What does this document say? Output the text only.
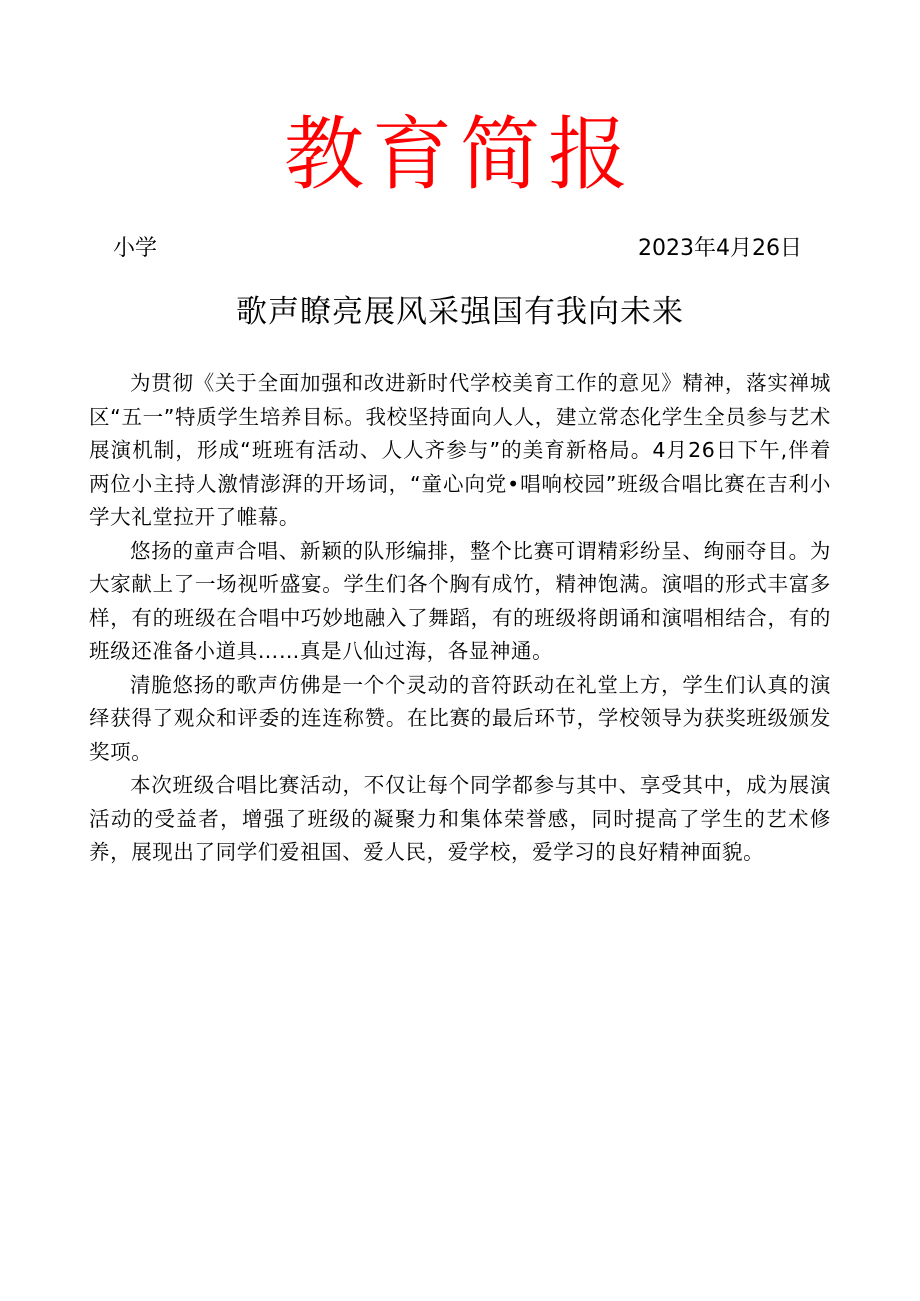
教育简报
小学	2023年4月26日
歌声瞭亮展风采强国有我向未来

为贯彻《关于全面加强和改进新时代学校美育工作的意见》精神，落实禅城区“五一”特质学生培养目标。我校坚持面向人人，建立常态化学生全员参与艺术展演机制，形成“班班有活动、人人齐参与”的美育新格局。4月26日下午,伴着两位小主持人激情澎湃的开场词，“童心向党•唱响校园”班级合唱比赛在吉利小学大礼堂拉开了帷幕。

悠扬的童声合唱、新颖的队形编排，整个比赛可谓精彩纷呈、绚丽夺目。为大家献上了一场视听盛宴。学生们各个胸有成竹，精神饱满。演唱的形式丰富多样，有的班级在合唱中巧妙地融入了舞蹈，有的班级将朗诵和演唱相结合，有的班级还准备小道具……真是八仙过海，各显神通。

清脆悠扬的歌声仿佛是一个个灵动的音符跃动在礼堂上方，学生们认真的演绎获得了观众和评委的连连称赞。在比赛的最后环节，学校领导为获奖班级颁发奖项。

本次班级合唱比赛活动，不仅让每个同学都参与其中、享受其中，成为展演活动的受益者，增强了班级的凝聚力和集体荣誉感，同时提高了学生的艺术修养，展现出了同学们爱祖国、爱人民，爱学校，爱学习的良好精神面貌。
